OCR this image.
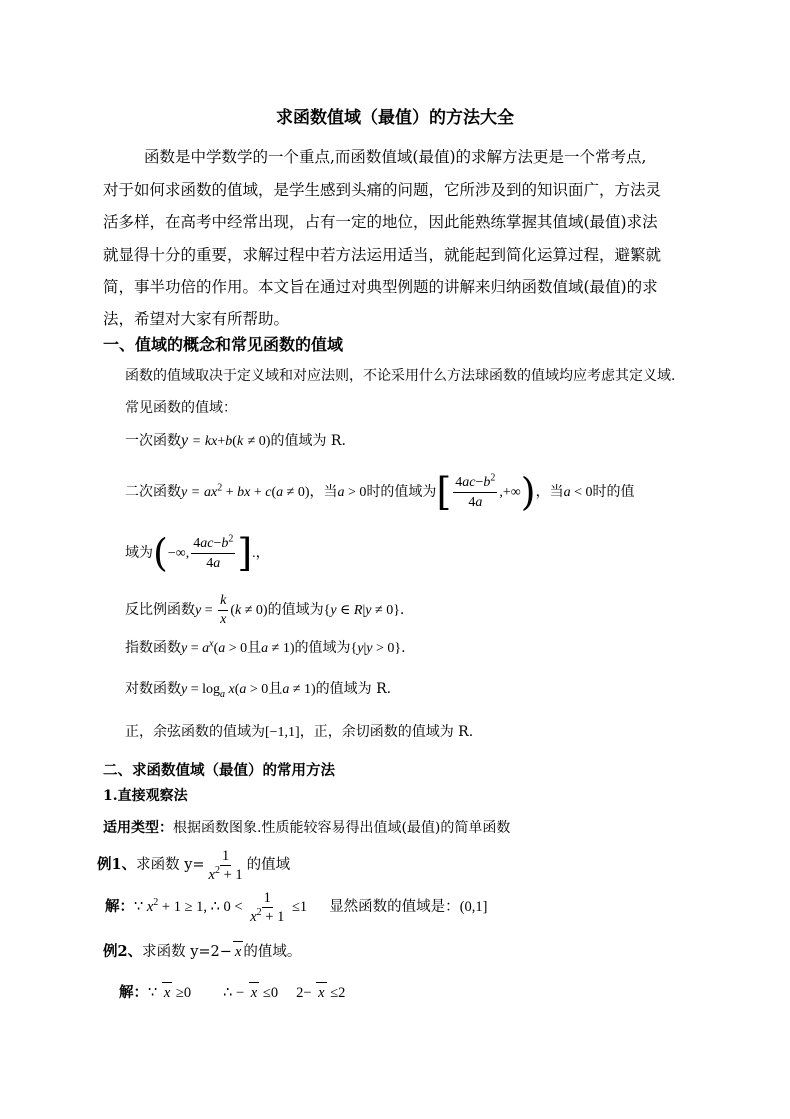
求函数值域（最值）的方法大全
函数是中学数学的一个重点,而函数值域(最值)的求解方法更是一个常考点,
对于如何求函数的值域，是学生感到头痛的问题，它所涉及到的知识面广，方法灵
活多样，在高考中经常出现，占有一定的地位，因此能熟练掌握其值域(最值)求法
就显得十分的重要，求解过程中若方法运用适当，就能起到简化运算过程，避繁就
简，事半功倍的作用。本文旨在通过对典型例题的讲解来归纳函数值域(最值)的求
法，希望对大家有所帮助。
一、值域的概念和常见函数的值域
函数的值域取决于定义域和对应法则，不论采用什么方法球函数的值域均应考虑其定义域.
常见函数的值域：
一次函数y = kx+b(k ≠ 0)的值域为 R.
二次函数$y = ax^2$ + bx + c(a ≠ 0)，当a > 0时的值域为[ $\frac{4ac-b^2}{4a}$ ,+∞)，当a < 0时的值
域为(−∞, $\frac{4ac-b^2}{4a}$ ].，
反比例函数$y = \frac{k}{x} (k \ne 0)$的值域为{y ∈ R|y ≠ 0}.
指数函数$y = a^x(a > 0$且a ≠ 1)的值域为{y|y > 0}.
对数函数$y = \log_a x(a > 0$且a ≠ 1)的值域为 R.
正，余弦函数的值域为[−1,1]，正，余切函数的值域为 R.
二、求函数值域（最值）的常用方法
1.直接观察法
适用类型：根据函数图象.性质能较容易得出值域(最值)的简单函数
例1、求函数 $y= \frac{1}{x^2 + 1}$ 的值域
解：∵ $x^2 + 1 \ge 1$, ∴ $0 < \frac{1}{x^2 + 1} \le 1$ 显然函数的值域是：(0,1]
例2、求函数 y=2− x 的值域。
解：∵ x ≥0 ∴ − x ≤0 2− x ≤2
